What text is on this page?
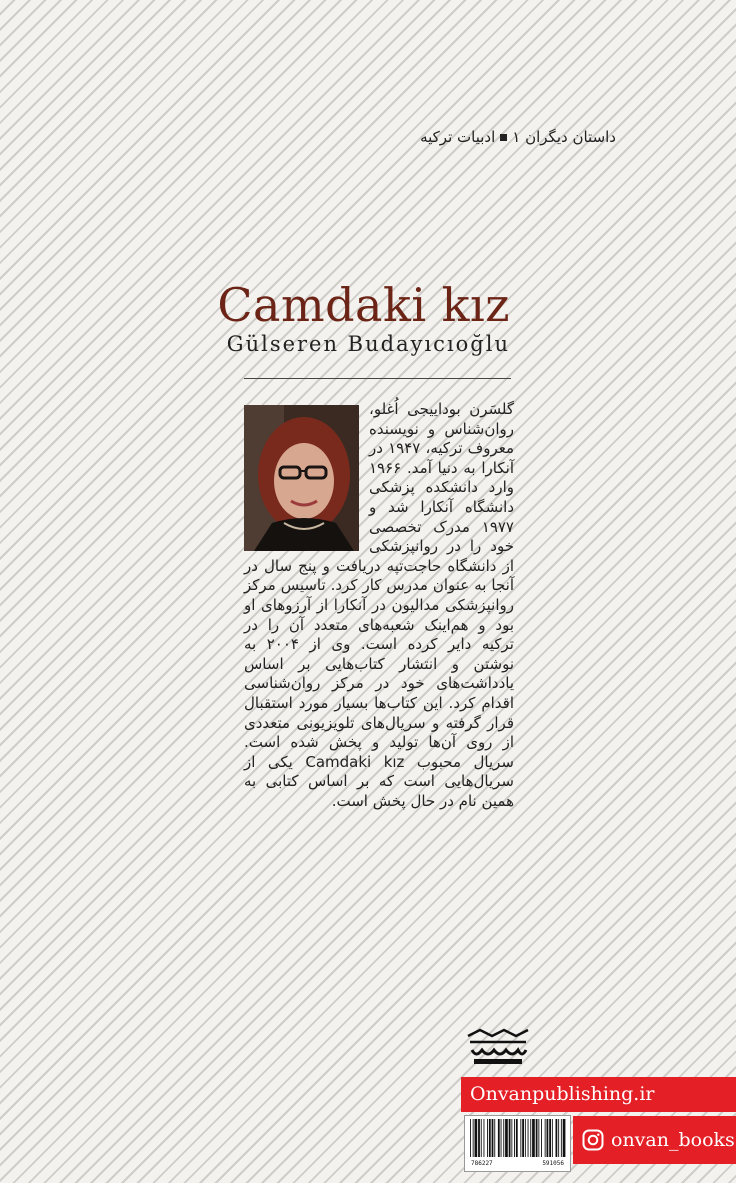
داستان دیگران ۱ادبیات ترکیه
Camdaki kız
Gülseren Budayıcıoğlu
گلسَرن بودایيجی اُغلو، روان‌شناس و نویسنده معروف ترکیه، ۱۹۴۷ در آنکارا به دنیا آمد. ۱۹۶۶ وارد دانشکده پزشکی دانشگاه آنکارا شد و ۱۹۷۷ مدرک تخصصی خود را در روانپزشکی از دانشگاه حاجت‌تپه دریافت و پنج سال در آنجا به عنوان مدرس کار کرد. تاسیس مرکز روانپزشکی مدالیون در آنکارا از آرزوهای او بود و هم‌اینک شعبه‌های متعدد آن را در ترکیه دایر کرده است. وی از ۲۰۰۴ به نوشتن و انتشار کتاب‌هایی بر اساس یادداشت‌های خود در مرکز روان‌شناسی اقدام کرد. این کتاب‌ها بسیار مورد استقبال قرار گرفته و سریال‌های تلویزیونی متعددی از روی آن‌ها تولید و پخش شده است. سریال محبوب Camdaki kız یکی از سریال‌هایی است که بر اساس کتابی به همین نام در حال پخش است.
Onvanpublishing.ir
786227	591056
onvan_books
